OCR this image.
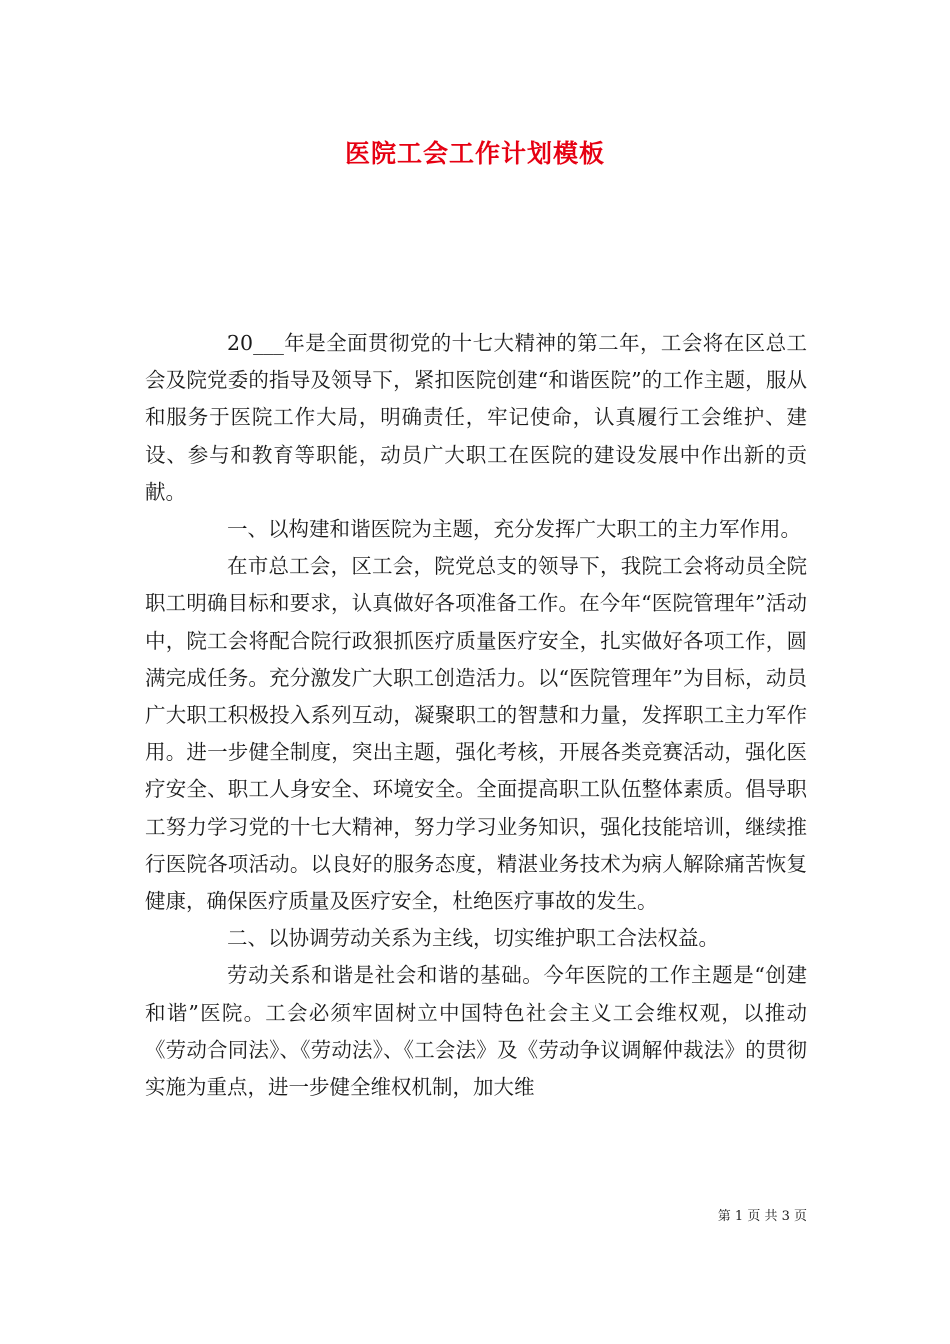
医院工会工作计划模板

20___年是全面贯彻党的十七大精神的第二年，工会将在区总工会及院党委的指导及领导下，紧扣医院创建“和谐医院”的工作主题，服从和服务于医院工作大局，明确责任，牢记使命，认真履行工会维护、建设、参与和教育等职能，动员广大职工在医院的建设发展中作出新的贡献。

一、以构建和谐医院为主题，充分发挥广大职工的主力军作用。

在市总工会，区工会，院党总支的领导下，我院工会将动员全院职工明确目标和要求，认真做好各项准备工作。在今年“医院管理年”活动中，院工会将配合院行政狠抓医疗质量医疗安全，扎实做好各项工作，圆满完成任务。充分激发广大职工创造活力。以“医院管理年”为目标，动员广大职工积极投入系列互动，凝聚职工的智慧和力量，发挥职工主力军作用。进一步健全制度，突出主题，强化考核，开展各类竞赛活动，强化医疗安全、职工人身安全、环境安全。全面提高职工队伍整体素质。倡导职工努力学习党的十七大精神，努力学习业务知识，强化技能培训，继续推行医院各项活动。以良好的服务态度，精湛业务技术为病人解除痛苦恢复健康，确保医疗质量及医疗安全，杜绝医疗事故的发生。

二、以协调劳动关系为主线，切实维护职工合法权益。

劳动关系和谐是社会和谐的基础。今年医院的工作主题是“创建和谐”医院。工会必须牢固树立中国特色社会主义工会维权观，以推动《劳动合同法》、《劳动法》、《工会法》及《劳动争议调解仲裁法》的贯彻实施为重点，进一步健全维权机制，加大维

第 1 页 共 3 页
